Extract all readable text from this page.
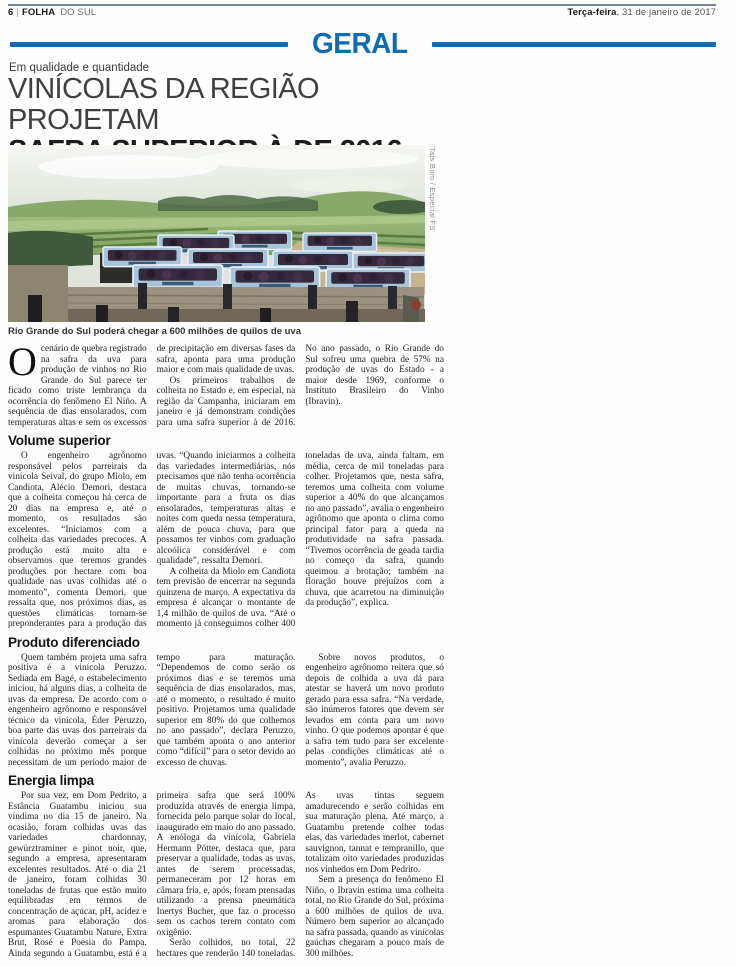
6 | FOLHA DO SUL	Terça-feira, 31 de janeiro de 2017
GERAL
Em qualidade e quantidade
VINÍCOLAS DA REGIÃO PROJETAM
Tais Bom / Especial FS
Rio Grande do Sul poderá chegar a 600 milhões de quilos de uva

Ocenário de quebra registrado na safra da uva para produção de vinhos no Rio Grande do Sul parece ter ficado como triste lembrança da ocorrência do fenômeno El Niño. A sequência de dias ensolarados, com temperaturas altas e sem os excessos de precipitação em diversas fases da safra, aponta para uma produção maior e com mais qualidade de uvas.

Os primeiros trabalhos de colheita no Estado e, em especial, na região da Campanha, iniciaram em janeiro e já demonstram condições para uma safra superior à de 2016. No ano passado, o Rio Grande do Sul sofreu uma quebra de 57% na produção de uvas do Estado - a maior desde 1969, conforme o Instituto Brasileiro do Vinho (Ibravin).

Volume superior

O engenheiro agrônomo responsável pelos parreirais da vinícola Seival, do grupo Miolo, em Candiota, Alécio Demori, destaca que a colheita começou há cerca de 20 dias na empresa e, até o momento, os resultados são excelentes. “Iniciamos com a colheita das variedades precoces. A produção está muito alta e observamos que teremos grandes produções por hectare com boa qualidade nas uvas colhidas até o momento”, comenta Demori, que ressalta que, nos próximos dias, as questões climáticas tornam-se preponderantes para a produção das uvas. “Quando iniciarmos a colheita das variedades intermediárias, nós precisamos que não tenha ocorrência de muitas chuvas, tornando-se importante para a fruta os dias ensolarados, temperaturas altas e noites com queda nessa temperatura, além de pouca chuva, para que possamos ter vinhos com graduação alcoólica considerável e com qualidade”, ressalta Demori.

A colheita da Miolo em Candiota tem previsão de encerrar na segunda quinzena de março. A expectativa da empresa é alcançar o montante de 1,4 milhão de quilos de uva. “Até o momento já conseguimos colher 400 toneladas de uva, ainda faltam, em média, cerca de mil toneladas para colher. Projetamos que, nesta safra, teremos uma colheita com volume superior a 40% do que alcançamos no ano passado”, avalia o engenheiro agrônomo que aponta o clima como principal fator para a queda na produtividade na safra passada. “Tivemos ocorrência de geada tardia no começo da safra, quando queimou a brotação; também na floração houve prejuízos com a chuva, que acarretou na diminuição da produção”, explica.

Produto diferenciado

Quem também projeta uma safra positiva é a vinícola Peruzzo. Sediada em Bagé, o estabelecimento iniciou, há alguns dias, a colheita de uvas da empresa. De acordo com o engenheiro agrônomo e responsável técnico da vinícola, Éder Peruzzo, boa parte das uvas dos parreirais da vinícola deverão começar a ser colhidas no próximo mês porque necessitam de um período maior de tempo para maturação. “Dependemos de como serão os próximos dias e se teremos uma sequência de dias ensolarados, mas, até o momento, o resultado é muito positivo. Projetamos uma qualidade superior em 80% do que colhemos no ano passado”, declara Peruzzo, que também aponta o ano anterior como “difícil” para o setor devido ao excesso de chuvas.

Sobre novos produtos, o engenheiro agrônomo reitera que só depois de colhida a uva dá para atestar se haverá um novo produto gerado para essa safra. “Na verdade, são inúmeros fatores que devem ser levados em conta para um novo vinho. O que podemos apontar é que a safra tem tudo para ser excelente pelas condições climáticas até o momento”, avalia Peruzzo.

Energia limpa

Por sua vez, em Dom Pedrito, a Estância Guatambu iniciou sua vindima no dia 15 de janeiro. Na ocasião, foram colhidas uvas das variedades chardonnay, gewürztraminer e pinot noir, que, segundo a empresa, apresentaram excelentes resultados. Até o dia 21 de janeiro, foram colhidas 30 toneladas de frutas que estão muito equilibradas em termos de concentração de açúcar, pH, acidez e aromas para elaboração dos espumantes Guatambu Nature, Extra Brut, Rosé e Poesia do Pampa. Ainda segundo a Guatambu, está é a primeira safra que será 100% produzida através de energia limpa, fornecida pelo parque solar do local, inaugurado em maio do ano passado. A enóloga da vinícola, Gabriela Hermann Pötter, destaca que, para preservar a qualidade, todas as uvas, antes de serem processadas, permaneceram por 12 horas em câmara fria, e, após, foram prensadas utilizando a prensa pneumática Inertys Bucher, que faz o processo sem os cachos terem contato com oxigênio.

Serão colhidos, no total, 22 hectares que renderão 140 toneladas. As uvas tintas seguem amadurecendo e serão colhidas em sua maturação plena. Até março, a Guatambu pretende colher todas elas, das variedades merlot, cabernet sauvignon, tannat e tempranillo, que totalizam oito variedades produzidas nos vinhedos em Dom Pedrito.

Sem a presença do fenômeno El Niño, o Ibravin estima uma colheita total, no Rio Grande do Sul, próxima a 600 milhões de quilos de uva. Número bem superior ao alcançado na safra passada, quando as vinícolas gaúchas chegaram a pouco mais de 300 milhões.
